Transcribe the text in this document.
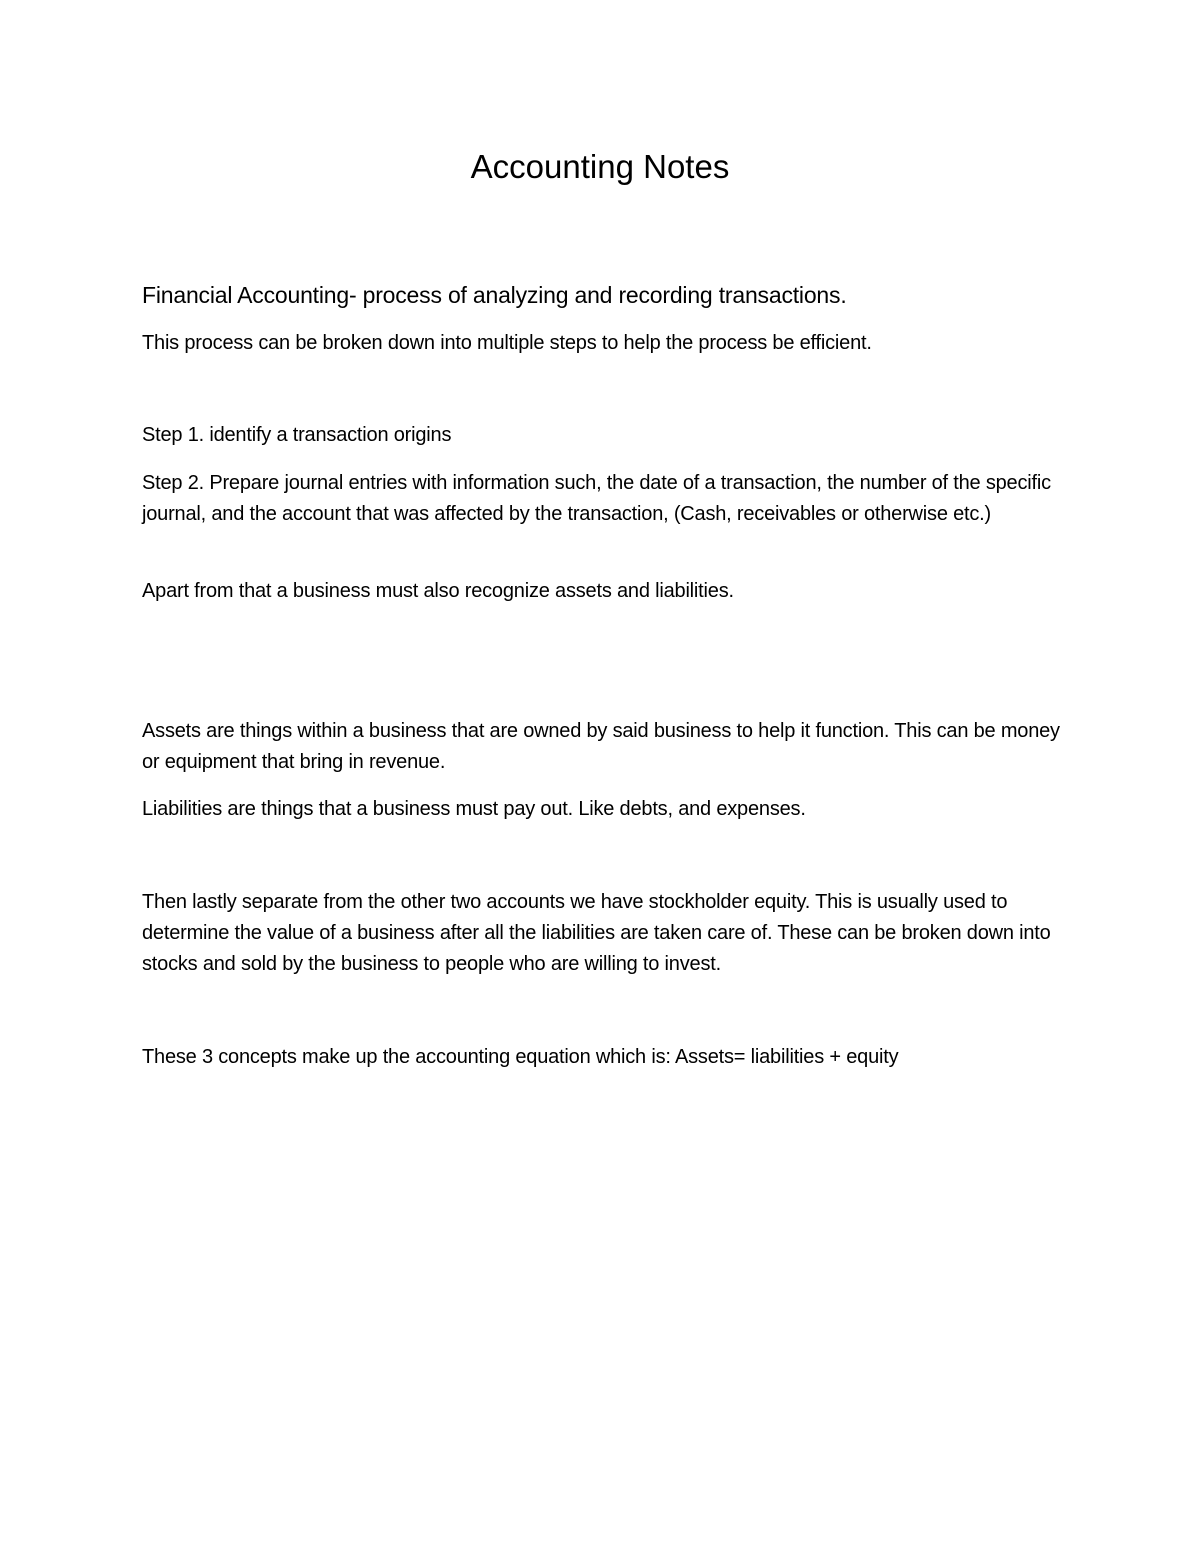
Accounting Notes

Financial Accounting- process of analyzing and recording transactions.

This process can be broken down into multiple steps to help the process be efficient.

Step 1. identify a transaction origins

Step 2. Prepare journal entries with information such, the date of a transaction, the number of the specific journal, and the account that was affected by the transaction, (Cash, receivables or otherwise etc.)

Apart from that a business must also recognize assets and liabilities.

Assets are things within a business that are owned by said business to help it function. This can be money or equipment that bring in revenue.

Liabilities are things that a business must pay out. Like debts, and expenses.

Then lastly separate from the other two accounts we have stockholder equity. This is usually used to determine the value of a business after all the liabilities are taken care of. These can be broken down into stocks and sold by the business to people who are willing to invest.

These 3 concepts make up the accounting equation which is: Assets= liabilities + equity
